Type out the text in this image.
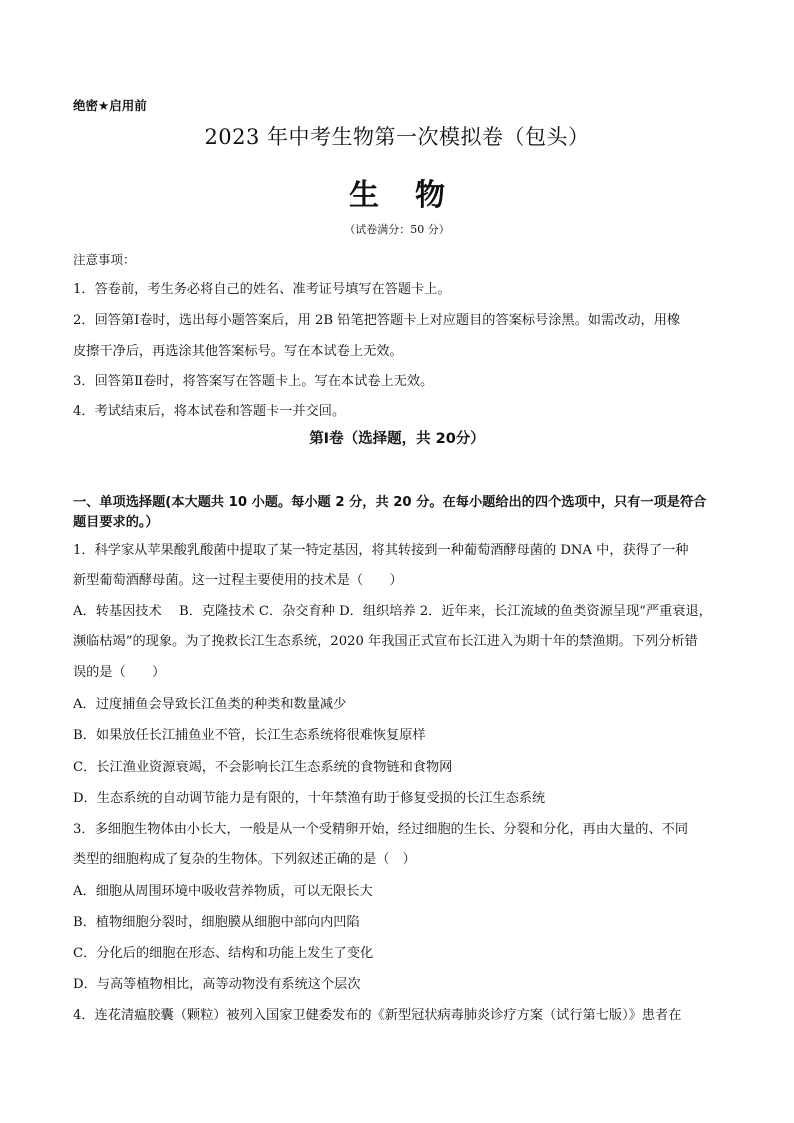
绝密★启用前
2023 年中考生物第一次模拟卷（包头）
生物
（试卷满分：50 分）
注意事项：
1．答卷前，考生务必将自己的姓名、准考证号填写在答题卡上。
2．回答第Ⅰ卷时，选出每小题答案后，用 2B 铅笔把答题卡上对应题目的答案标号涂黑。如需改动，用橡
皮擦干净后，再选涂其他答案标号。写在本试卷上无效。
3．回答第Ⅱ卷时，将答案写在答题卡上。写在本试卷上无效。
4．考试结束后，将本试卷和答题卡一并交回。
第Ⅰ卷（选择题，共 20分）
一、单项选择题(本大题共 10 小题。每小题 2 分，共 20 分。在每小题给出的四个选项中，只有一项是符合
题目要求的。）
1．科学家从苹果酸乳酸菌中提取了某一特定基因，将其转接到一种葡萄酒酵母菌的 DNA 中，获得了一种
新型葡萄酒酵母菌。这一过程主要使用的技术是（　　）
A．转基因技术　 B．克隆技术 C．杂交育种 D．组织培养 2．近年来，长江流域的鱼类资源呈现“严重衰退，
濒临枯竭”的现象。为了挽救长江生态系统，2020 年我国正式宣布长江进入为期十年的禁渔期。下列分析错
误的是（　　）
A．过度捕鱼会导致长江鱼类的种类和数量减少
B．如果放任长江捕鱼业不管，长江生态系统将很难恢复原样
C．长江渔业资源衰竭，不会影响长江生态系统的食物链和食物网
D．生态系统的自动调节能力是有限的，十年禁渔有助于修复受损的长江生态系统
3．多细胞生物体由小长大，一般是从一个受精卵开始，经过细胞的生长、分裂和分化，再由大量的、不同
类型的细胞构成了复杂的生物体。下列叙述正确的是（　）
A．细胞从周围环境中吸收营养物质，可以无限长大
B．植物细胞分裂时，细胞膜从细胞中部向内凹陷
C．分化后的细胞在形态、结构和功能上发生了变化
D．与高等植物相比，高等动物没有系统这个层次
4．连花清瘟胶囊（颗粒）被列入国家卫健委发布的《新型冠状病毒肺炎诊疗方案（试行第七版）》患者在
